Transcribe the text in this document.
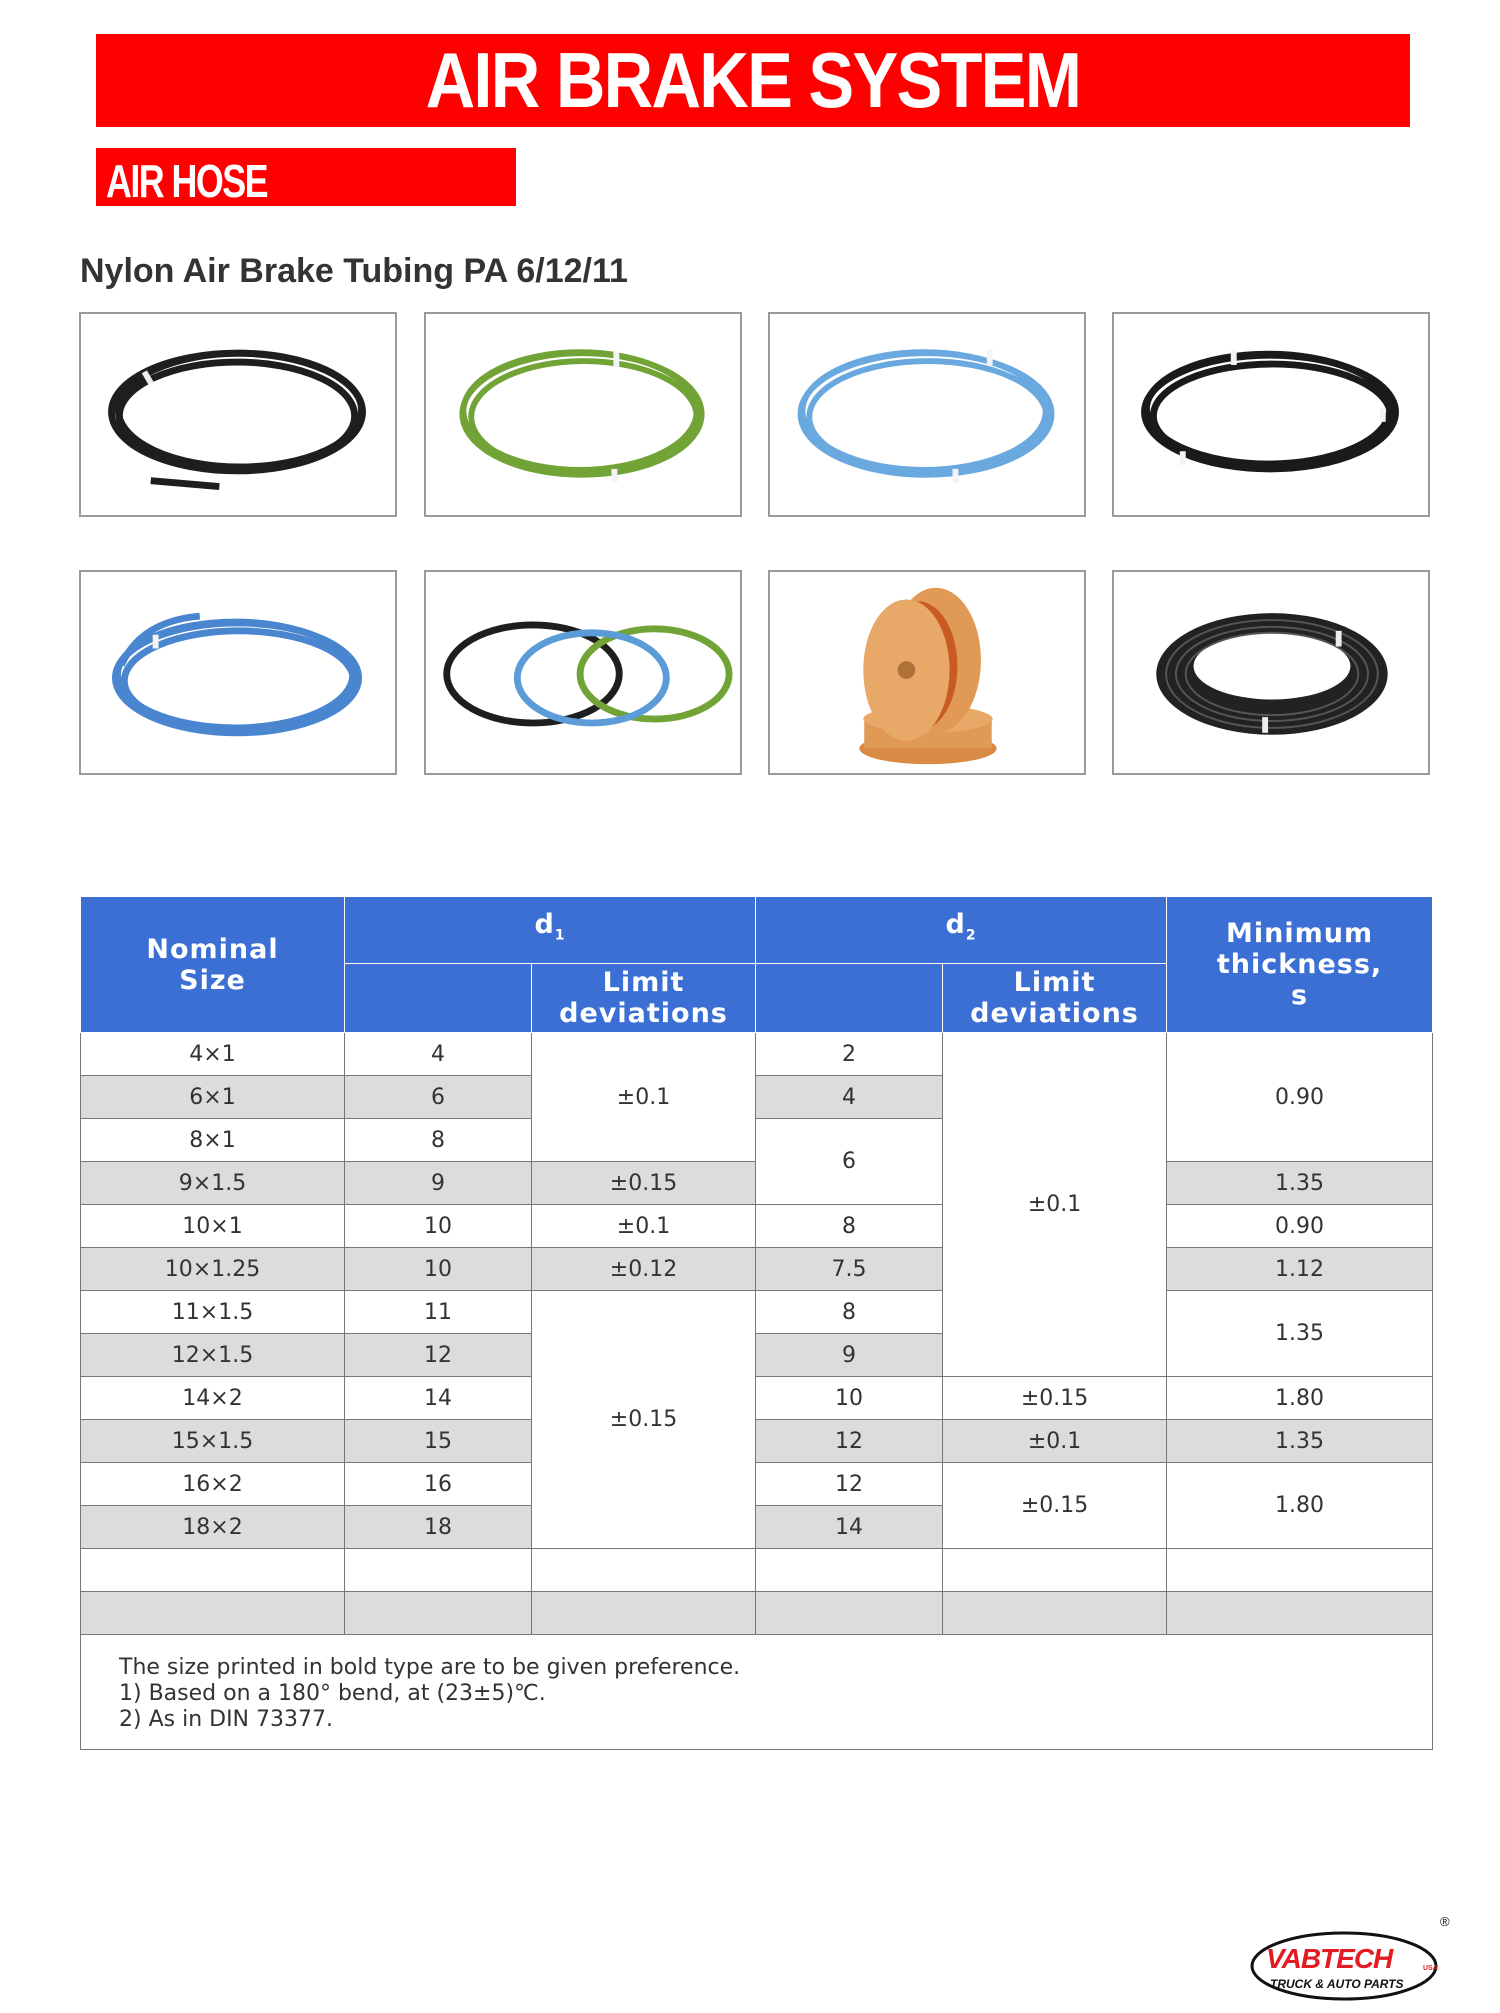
AIR BRAKE SYSTEM
AIR HOSE
Nylon Air Brake Tubing PA 6/12/11
Nominal Size	$d_1$		$d_2$		Minimum thickness, s
		Limit deviations		Limit deviations	
4×1	4	±0.1	2	±0.1	0.90
6×1	6		4		
8×1	8		6		
9×1.5	9	±0.15			1.35
10×1	10	±0.1	8		0.90
10×1.25	10	±0.12	7.5		1.12
11×1.5	11	±0.15	8		1.35
12×1.5	12		9		
14×2	14		10	±0.15	1.80
15×1.5	15		12	±0.1	1.35
16×2	16		12	±0.15	1.80
18×2	18		14		

The size printed in bold type are to be given preference.
1) Based on a 180° bend, at (23±5)℃.
2) As in DIN 73377.					
®
VABTECH	USA
TRUCK & AUTO PARTS
